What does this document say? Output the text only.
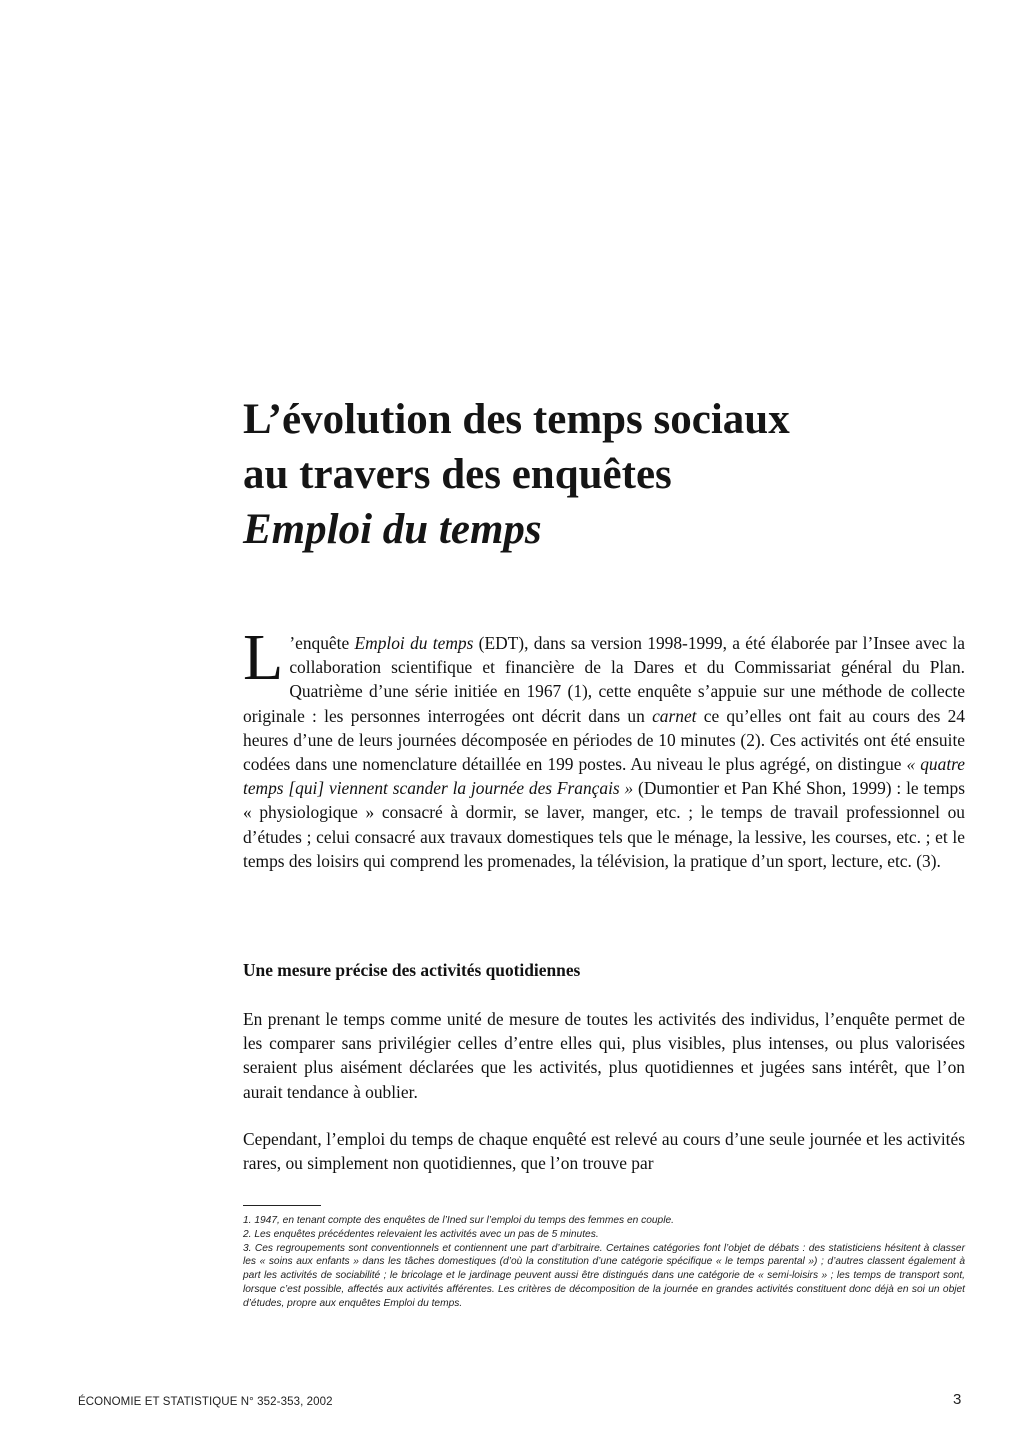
L’évolution des temps sociaux
au travers des enquêtes
Emploi du temps

L ’enquête Emploi du temps (EDT), dans sa version 1998-1999, a été élaborée par l’Insee avec la collaboration scientifique et financière de la Dares et du Commissariat général du Plan. Quatrième d’une série initiée en 1967 (1), cette enquête s’appuie sur une méthode de collecte originale : les personnes interrogées ont décrit dans un carnet ce qu’elles ont fait au cours des 24 heures d’une de leurs journées décomposée en périodes de 10 minutes (2). Ces activités ont été ensuite codées dans une nomenclature détaillée en 199 postes. Au niveau le plus agrégé, on distingue « quatre temps [qui] viennent scander la journée des Français » (Dumontier et Pan Khé Shon, 1999) : le temps « physiologique » consacré à dormir, se laver, manger, etc. ; le temps de travail professionnel ou d’études ; celui consacré aux travaux domestiques tels que le ménage, la lessive, les courses, etc. ; et le temps des loisirs qui comprend les promenades, la télévision, la pratique d’un sport, lecture, etc. (3).

Une mesure précise des activités quotidiennes

En prenant le temps comme unité de mesure de toutes les activités des individus, l’enquête permet de les comparer sans privilégier celles d’entre elles qui, plus visibles, plus intenses, ou plus valorisées seraient plus aisément déclarées que les activités, plus quotidiennes et jugées sans intérêt, que l’on aurait tendance à oublier.

Cependant, l’emploi du temps de chaque enquêté est relevé au cours d’une seule journée et les activités rares, ou simplement non quotidiennes, que l’on trouve par

1. 1947, en tenant compte des enquêtes de l’Ined sur l’emploi du temps des femmes en couple.

2. Les enquêtes précédentes relevaient les activités avec un pas de 5 minutes.

3. Ces regroupements sont conventionnels et contiennent une part d’arbitraire. Certaines catégories font l’objet de débats : des statisticiens hésitent à classer les « soins aux enfants » dans les tâches domestiques (d’où la constitution d’une catégorie spécifique « le temps parental ») ; d’autres classent également à part les activités de sociabilité ; le bricolage et le jardinage peuvent aussi être distingués dans une catégorie de « semi-loisirs » ; les temps de transport sont, lorsque c’est possible, affectés aux activités afférentes. Les critères de décomposition de la journée en grandes activités constituent donc déjà en soi un objet d’études, propre aux enquêtes Emploi du temps.

ÉCONOMIE ET STATISTIQUE N° 352-353, 2002	3
